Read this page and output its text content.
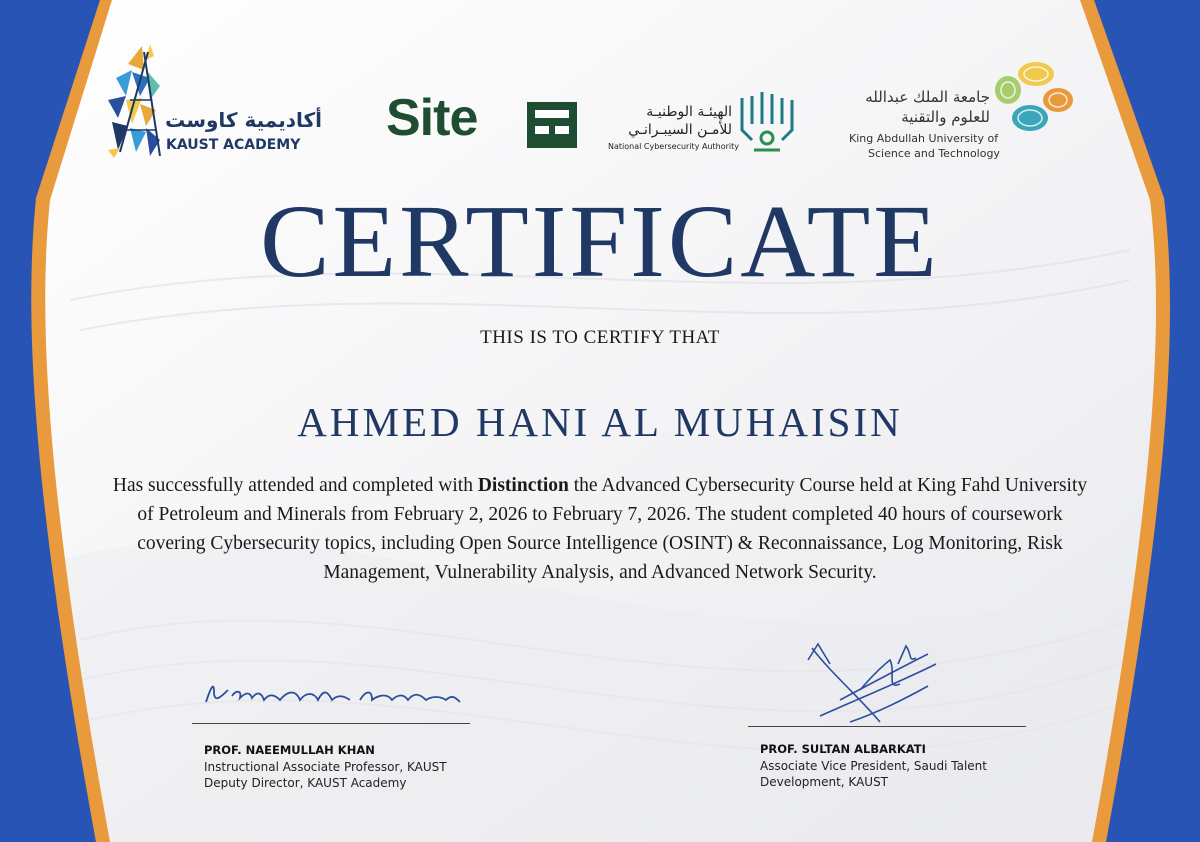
أكاديمية كاوست
KAUST ACADEMY Site	الهيئـة الوطنيـة
للأمـن السيبـرانـي
National Cybersecurity Authority
جامعة الملك عبدالله
للعلوم والتقنية
King Abdullah University of
Science and Technology
CERTIFICATE
THIS IS TO CERTIFY THAT
AHMED HANI AL MUHAISIN
Has successfully attended and completed with Distinction the Advanced Cybersecurity Course held at King Fahd University of Petroleum and Minerals from February 2, 2026 to February 7, 2026. The student completed 40 hours of coursework covering Cybersecurity topics, including Open Source Intelligence (OSINT) & Reconnaissance, Log Monitoring, Risk Management, Vulnerability Analysis, and Advanced Network Security.
PROF. NAEEMULLAH KHAN
Instructional Associate Professor, KAUST
Deputy Director, KAUST Academy
PROF. SULTAN ALBARKATI
Associate Vice President, Saudi Talent
Development, KAUST
